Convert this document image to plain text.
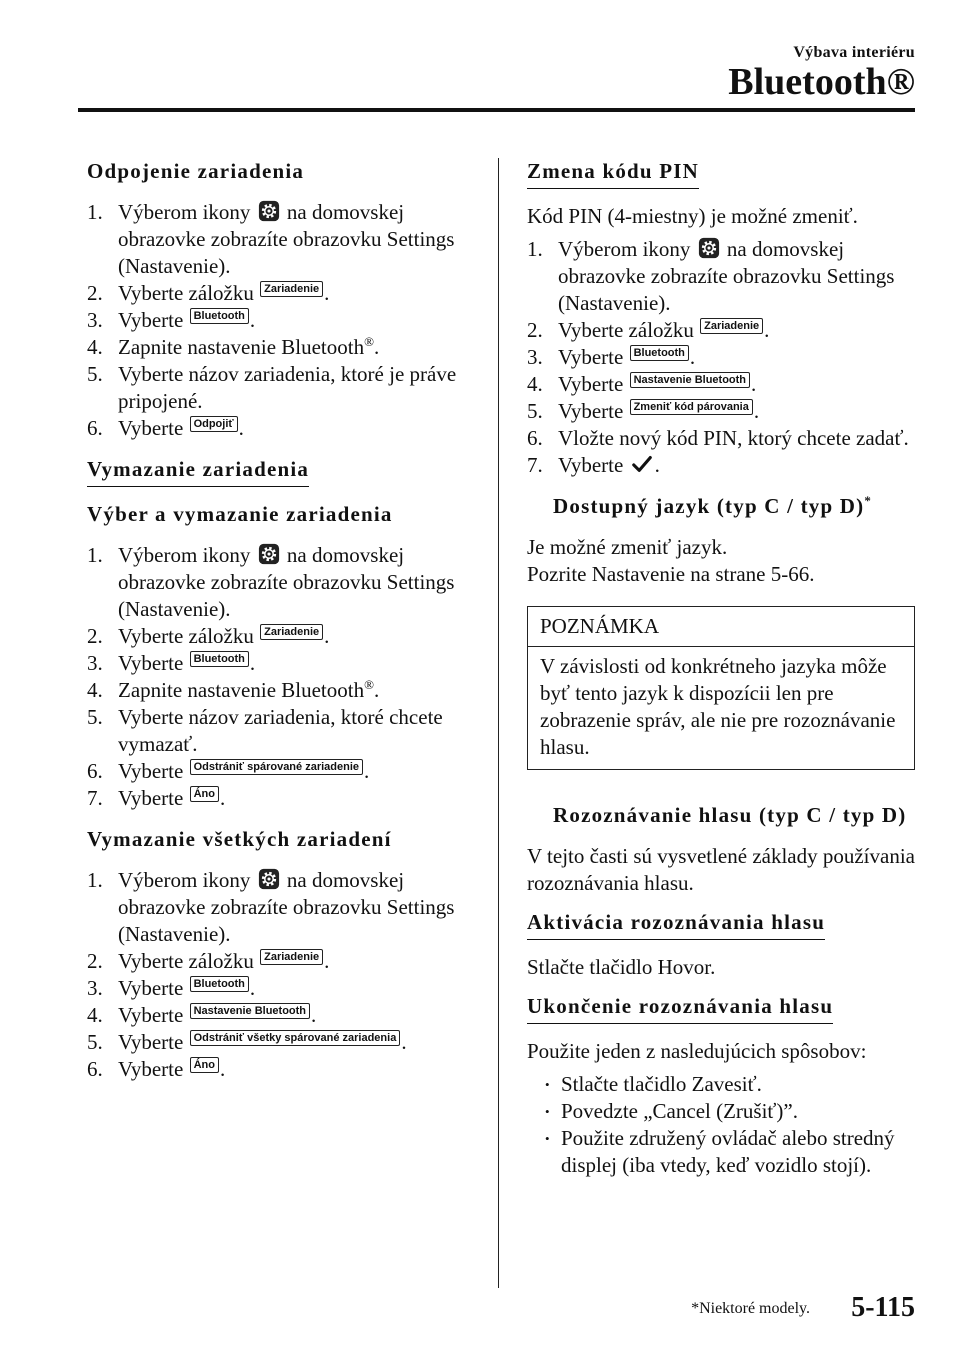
Výbava interiéru
Bluetooth®
Odpojenie zariadenia
1. Výberom ikony na domovskej obrazovke zobrazíte obrazovku Settings (Nastavenie).
2. Vyberte záložku Zariadenie .
3. Vyberte Bluetooth .
4. Zapnite nastavenie Bluetooth®.
5. Vyberte názov zariadenia, ktoré je práve pripojené.
6. Vyberte Odpojiť .
Vymazanie zariadenia
Výber a vymazanie zariadenia
1. Výberom ikony na domovskej obrazovke zobrazíte obrazovku Settings (Nastavenie).
2. Vyberte záložku Zariadenie .
3. Vyberte Bluetooth .
4. Zapnite nastavenie Bluetooth®.
5. Vyberte názov zariadenia, ktoré chcete vymazať.
6. Vyberte Odstrániť spárované zariadenie .
7. Vyberte Áno .
Vymazanie všetkých zariadení
1. Výberom ikony na domovskej obrazovke zobrazíte obrazovku Settings (Nastavenie).
2. Vyberte záložku Zariadenie .
3. Vyberte Bluetooth .
4. Vyberte Nastavenie Bluetooth .
5. Vyberte Odstrániť všetky spárované zariadenia .
6. Vyberte Áno .
Zmena kódu PIN

Kód PIN (4-miestny) je možné zmeniť.

1. Výberom ikony na domovskej obrazovke zobrazíte obrazovku Settings (Nastavenie).
2. Vyberte záložku Zariadenie .
3. Vyberte Bluetooth .
4. Vyberte Nastavenie Bluetooth .
5. Vyberte Zmeniť kód párovania .
6. Vložte nový kód PIN, ktorý chcete zadať.
7. Vyberte .
Dostupný jazyk (typ C / typ D)*

Je možné zmeniť jazyk.

Pozrite Nastavenie na strane 5-66.

POZNÁMKA
V závislosti od konkrétneho jazyka môže byť tento jazyk k dispozícii len pre zobrazenie správ, ale nie pre rozoznávanie hlasu.
Rozoznávanie hlasu (typ C / typ D)

V tejto časti sú vysvetlené základy používania rozoznávania hlasu.

Aktivácia rozoznávania hlasu

Stlačte tlačidlo Hovor.

Ukončenie rozoznávania hlasu

Použite jeden z nasledujúcich spôsobov:

• Stlačte tlačidlo Zavesiť.
• Povedzte „Cancel (Zrušiť)”.
• Použite združený ovládač alebo stredný displej (iba vtedy, keď vozidlo stojí).
*Niektoré modely. 5-115
